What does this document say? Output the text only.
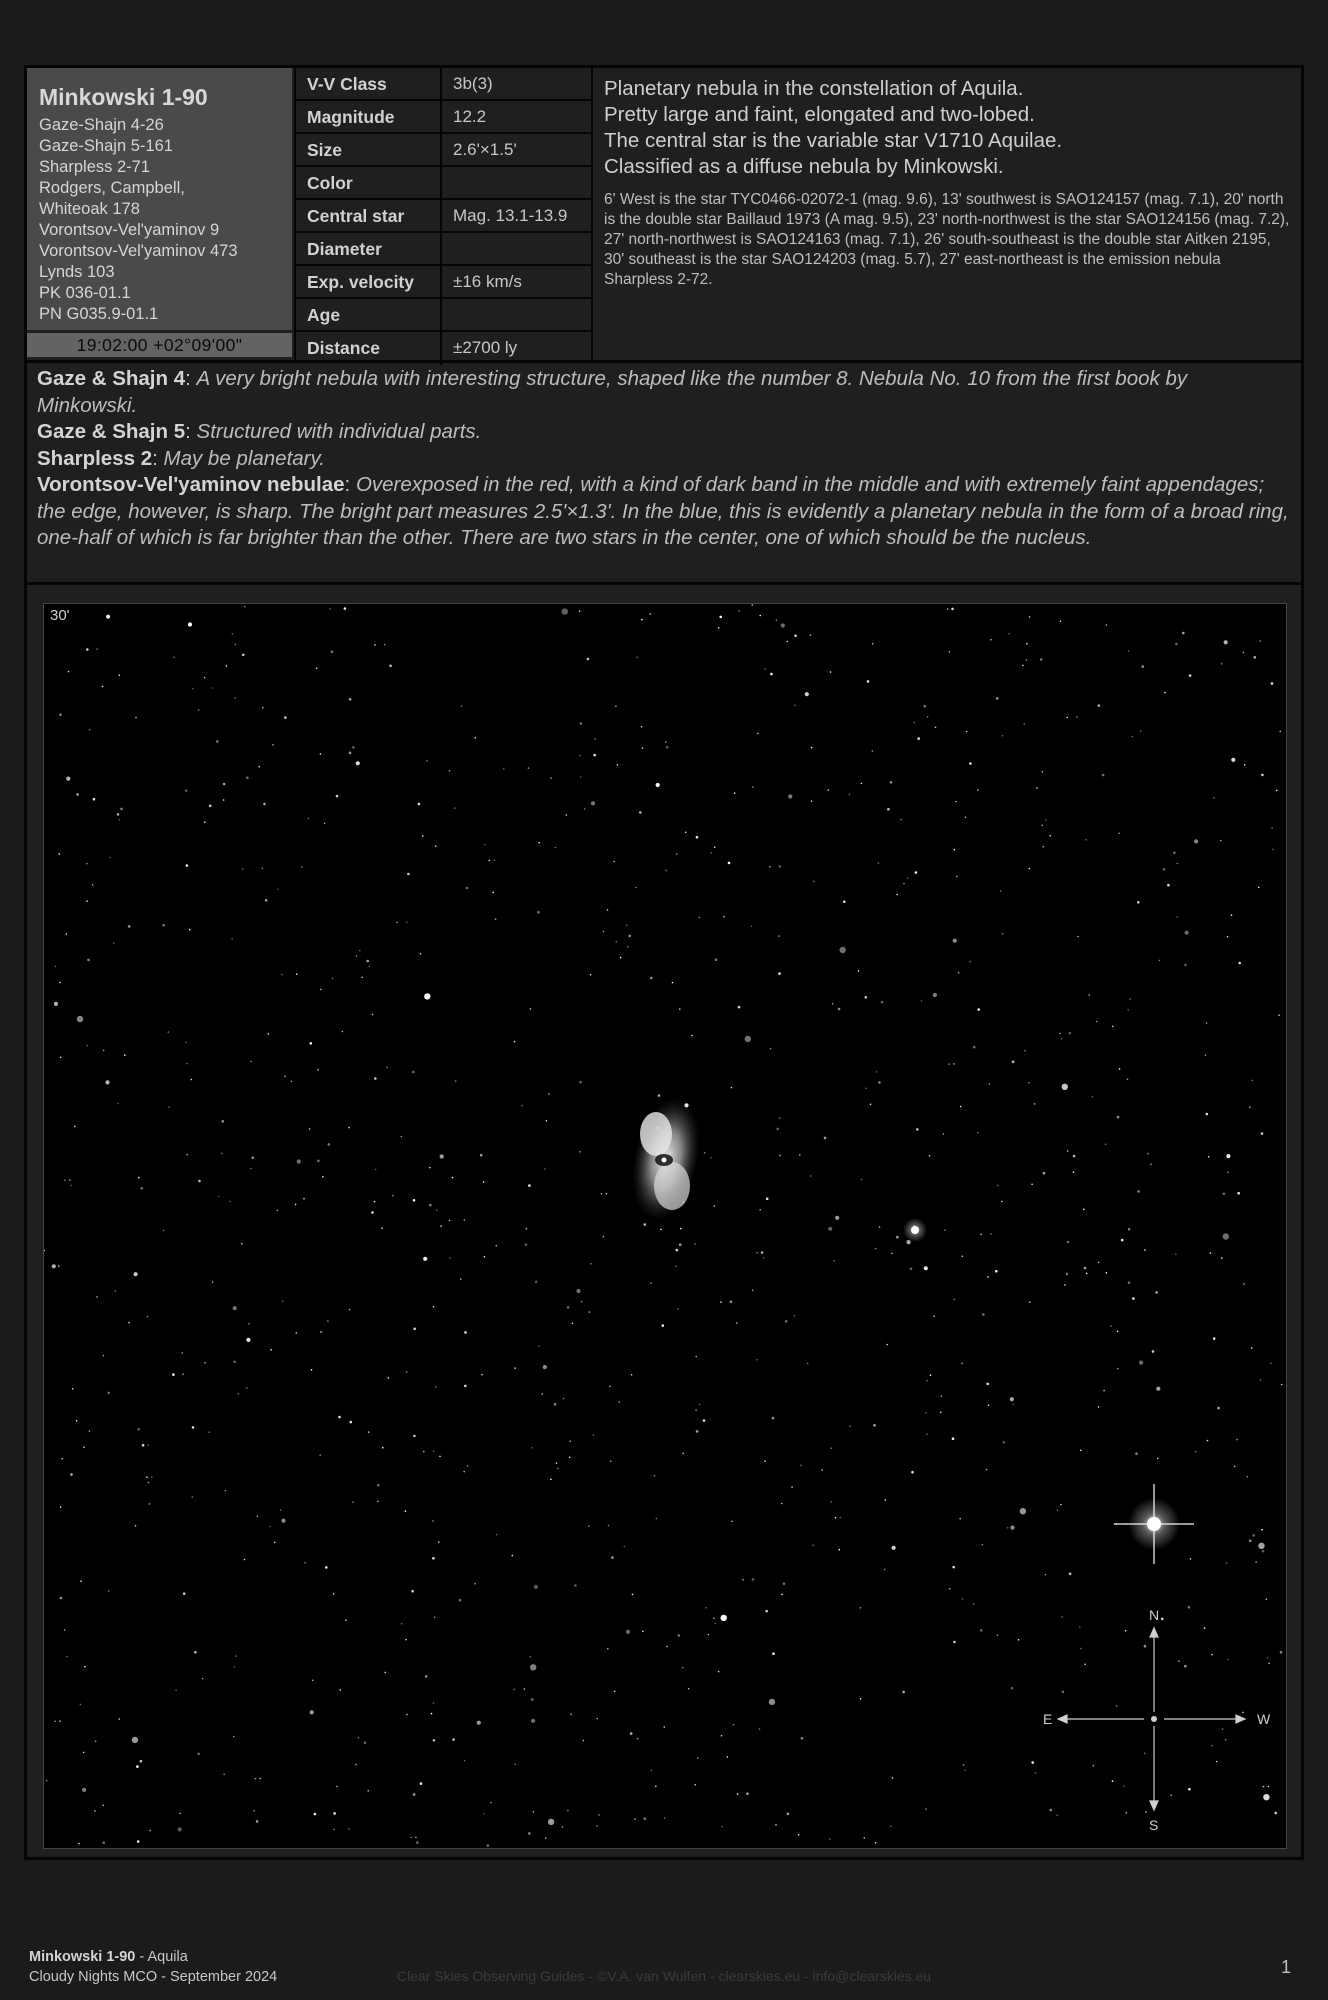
Minkowski 1-90
Gaze-Shajn 4-26
Gaze-Shajn 5-161
Sharpless 2-71
Rodgers, Campbell,
Whiteoak 178
Vorontsov-Vel'yaminov 9
Vorontsov-Vel'yaminov 473
Lynds 103
PK 036-01.1
PN G035.9-01.1
19:02:00 +02°09'00"
V-V Class	3b(3)
Magnitude	12.2
Size	2.6'×1.5'
Color
Central star	Mag. 13.1-13.9
Diameter
Exp. velocity	±16 km/s
Age
Distance	±2700 ly
Planetary nebula in the constellation of Aquila.
Pretty large and faint, elongated and two-lobed.
The central star is the variable star V1710 Aquilae.
Classified as a diffuse nebula by Minkowski.
6' West is the star TYC0466-02072-1 (mag. 9.6), 13' southwest is SAO124157 (mag. 7.1), 20' north is the double star Baillaud 1973 (A mag. 9.5), 23' north-northwest is the star SAO124156 (mag. 7.2), 27' north-northwest is SAO124163 (mag. 7.1), 26' south-southeast is the double star Aitken 2195, 30' southeast is the star SAO124203 (mag. 5.7), 27' east-northeast is the emission nebula Sharpless 2-72.
Gaze & Shajn 4: A very bright nebula with interesting structure, shaped like the number 8. Nebula No. 10 from the first book by Minkowski.
Gaze & Shajn 5: Structured with individual parts.
Sharpless 2: May be planetary.
Vorontsov-Vel'yaminov nebulae: Overexposed in the red, with a kind of dark band in the middle and with extremely faint appendages; the edge, however, is sharp. The bright part measures 2.5'×1.3'. In the blue, this is evidently a planetary nebula in the form of a broad ring, one-half of which is far brighter than the other. There are two stars in the center, one of which should be the nucleus.
N
S
E	W
30'
Minkowski 1-90 - Aquila
Cloudy Nights MCO - September 2024	Clear Skies Observing Guides - ©V.A. van Wulfen - clearskies.eu - info@clearskies.eu	1
